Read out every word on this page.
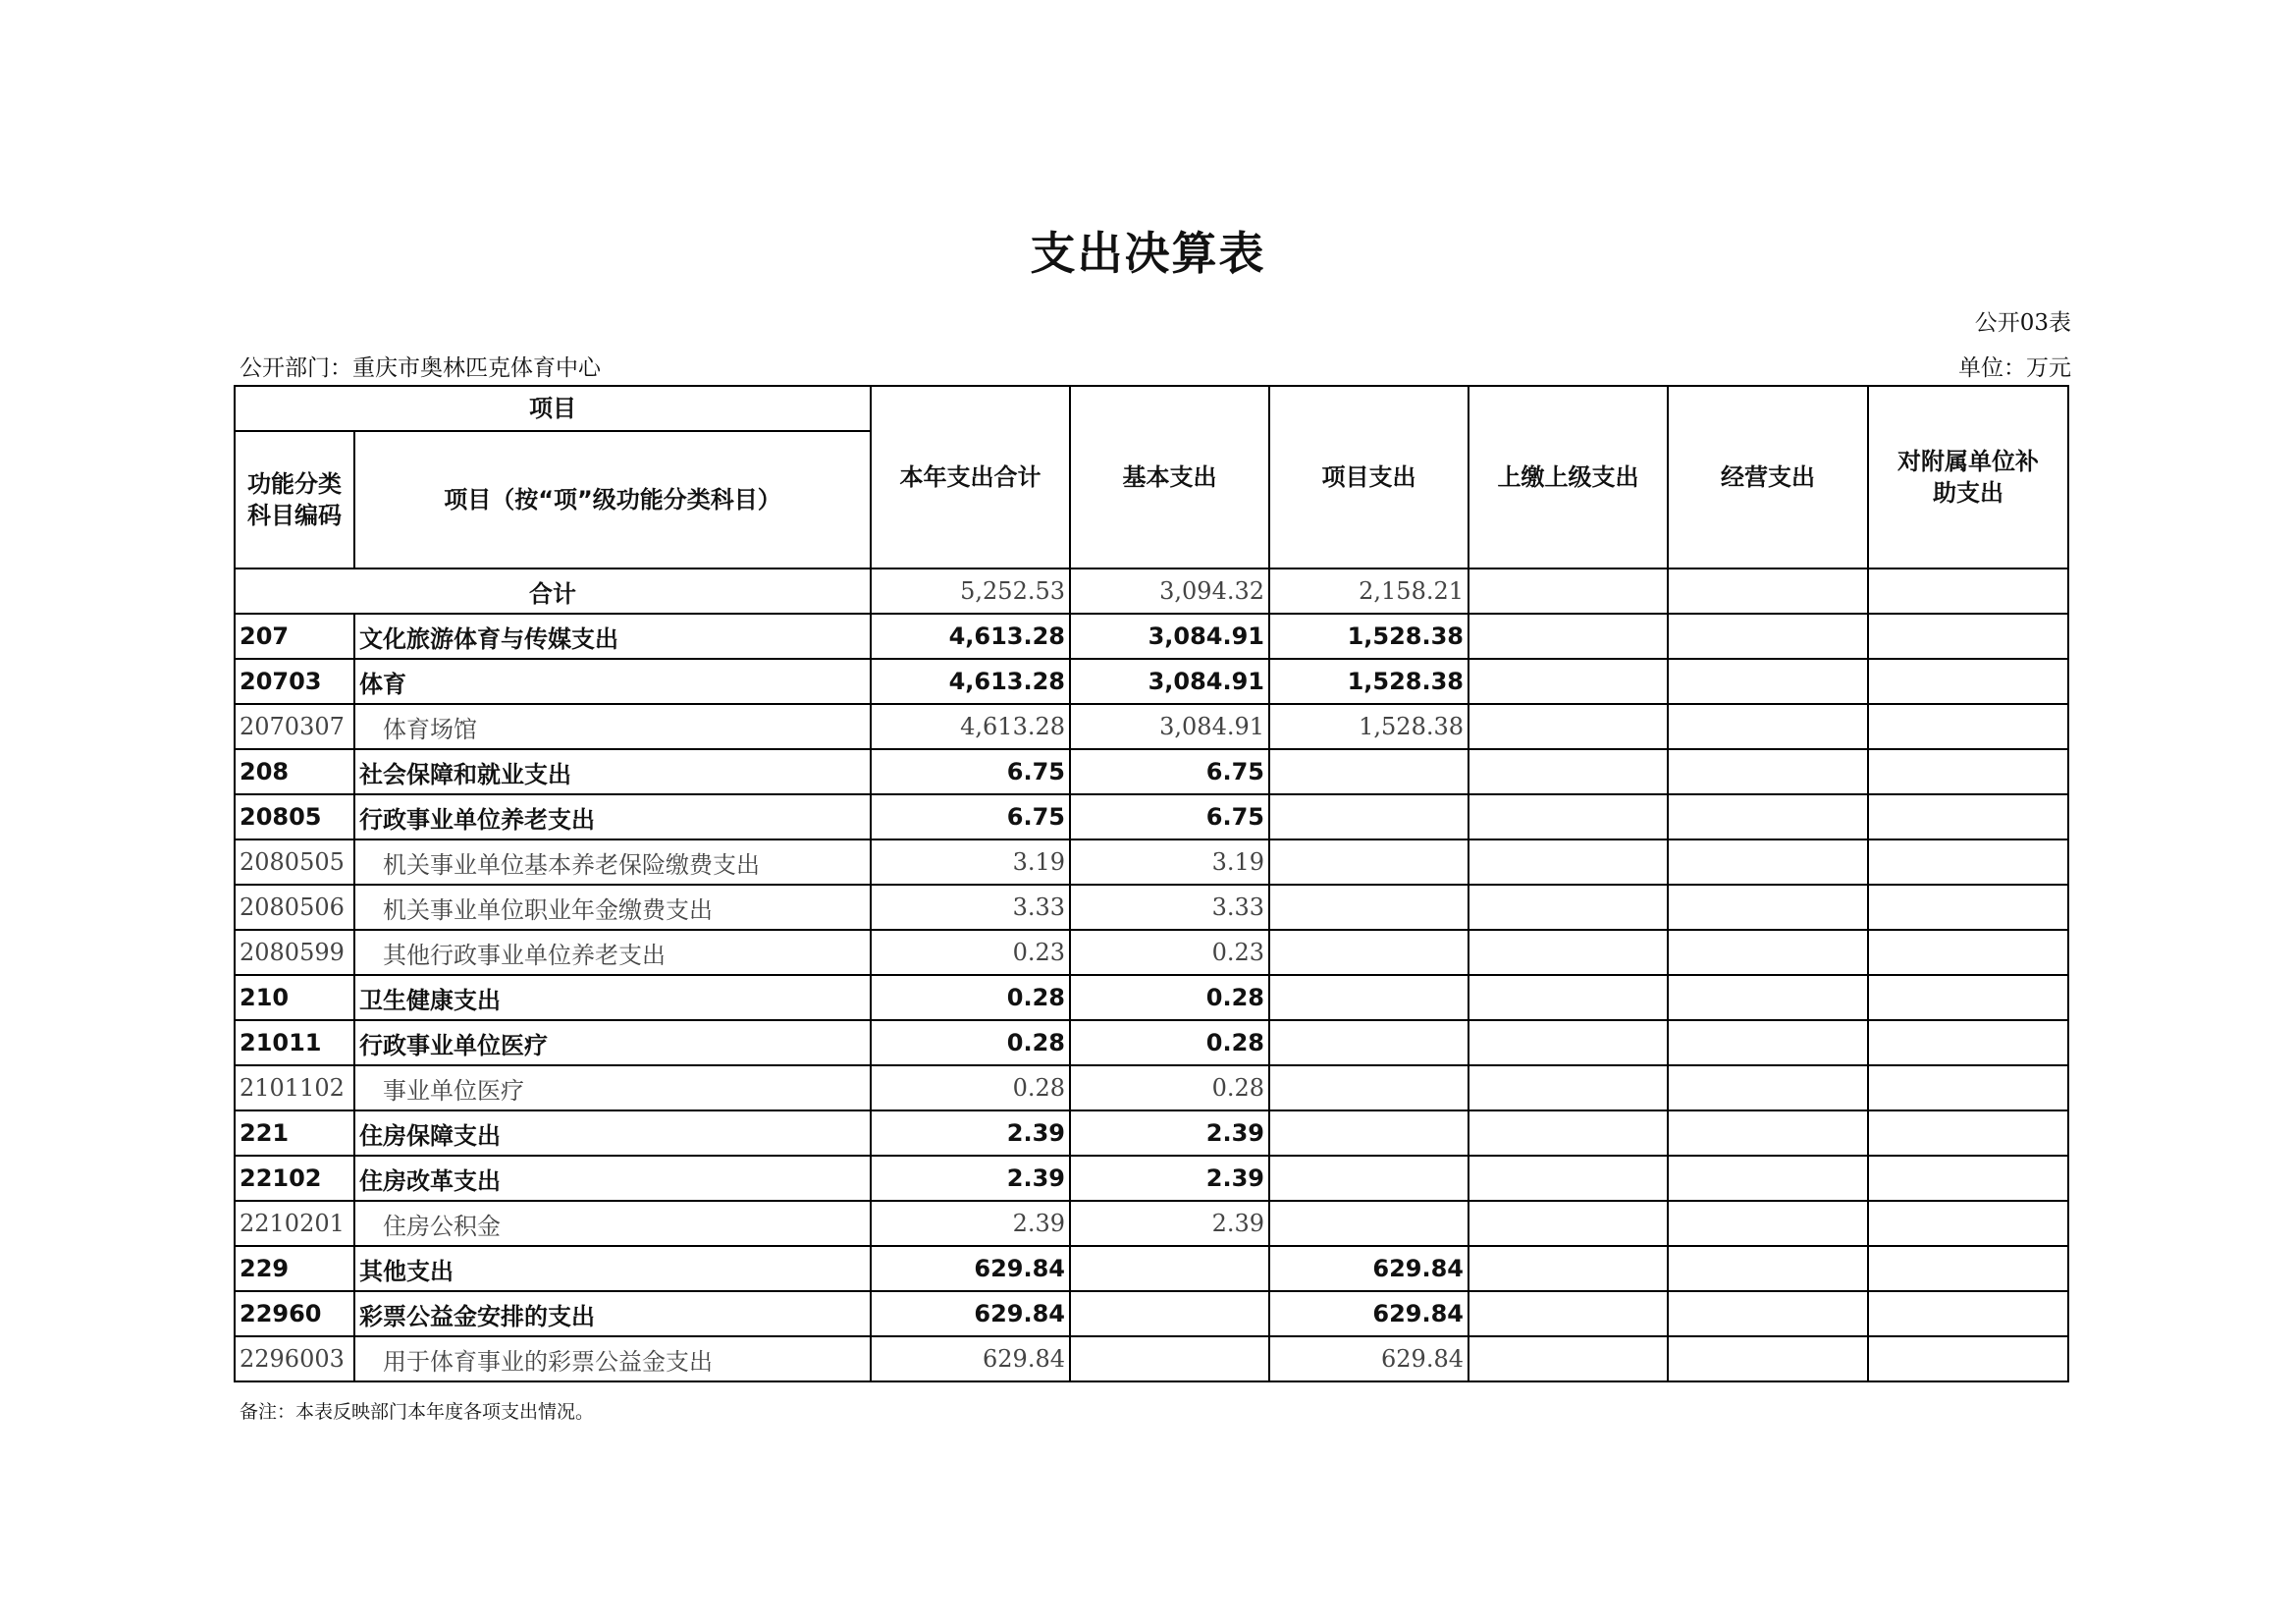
支出决算表
公开03表
公开部门：重庆市奥林匹克体育中心	单位：万元
项目		本年支出合计	基本支出	项目支出	上缴上级支出	经营支出	对附属单位补助支出

功能分类科目编码	项目（按“项”级功能分类科目）						
合计		5,252.53	3,094.32	2,158.21			
207	文化旅游体育与传媒支出	4,613.28	3,084.91	1,528.38			
20703	体育	4,613.28	3,084.91	1,528.38			
2070307	体育场馆	4,613.28	3,084.91	1,528.38			
208	社会保障和就业支出	6.75	6.75				
20805	行政事业单位养老支出	6.75	6.75				
2080505	机关事业单位基本养老保险缴费支出	3.19	3.19				
2080506	机关事业单位职业年金缴费支出	3.33	3.33				
2080599	其他行政事业单位养老支出	0.23	0.23				
210	卫生健康支出	0.28	0.28				
21011	行政事业单位医疗	0.28	0.28				
2101102	事业单位医疗	0.28	0.28				
221	住房保障支出	2.39	2.39				
22102	住房改革支出	2.39	2.39				
2210201	住房公积金	2.39	2.39				
229	其他支出	629.84		629.84			
22960	彩票公益金安排的支出	629.84		629.84			
2296003	用于体育事业的彩票公益金支出	629.84		629.84			
备注：本表反映部门本年度各项支出情况。
